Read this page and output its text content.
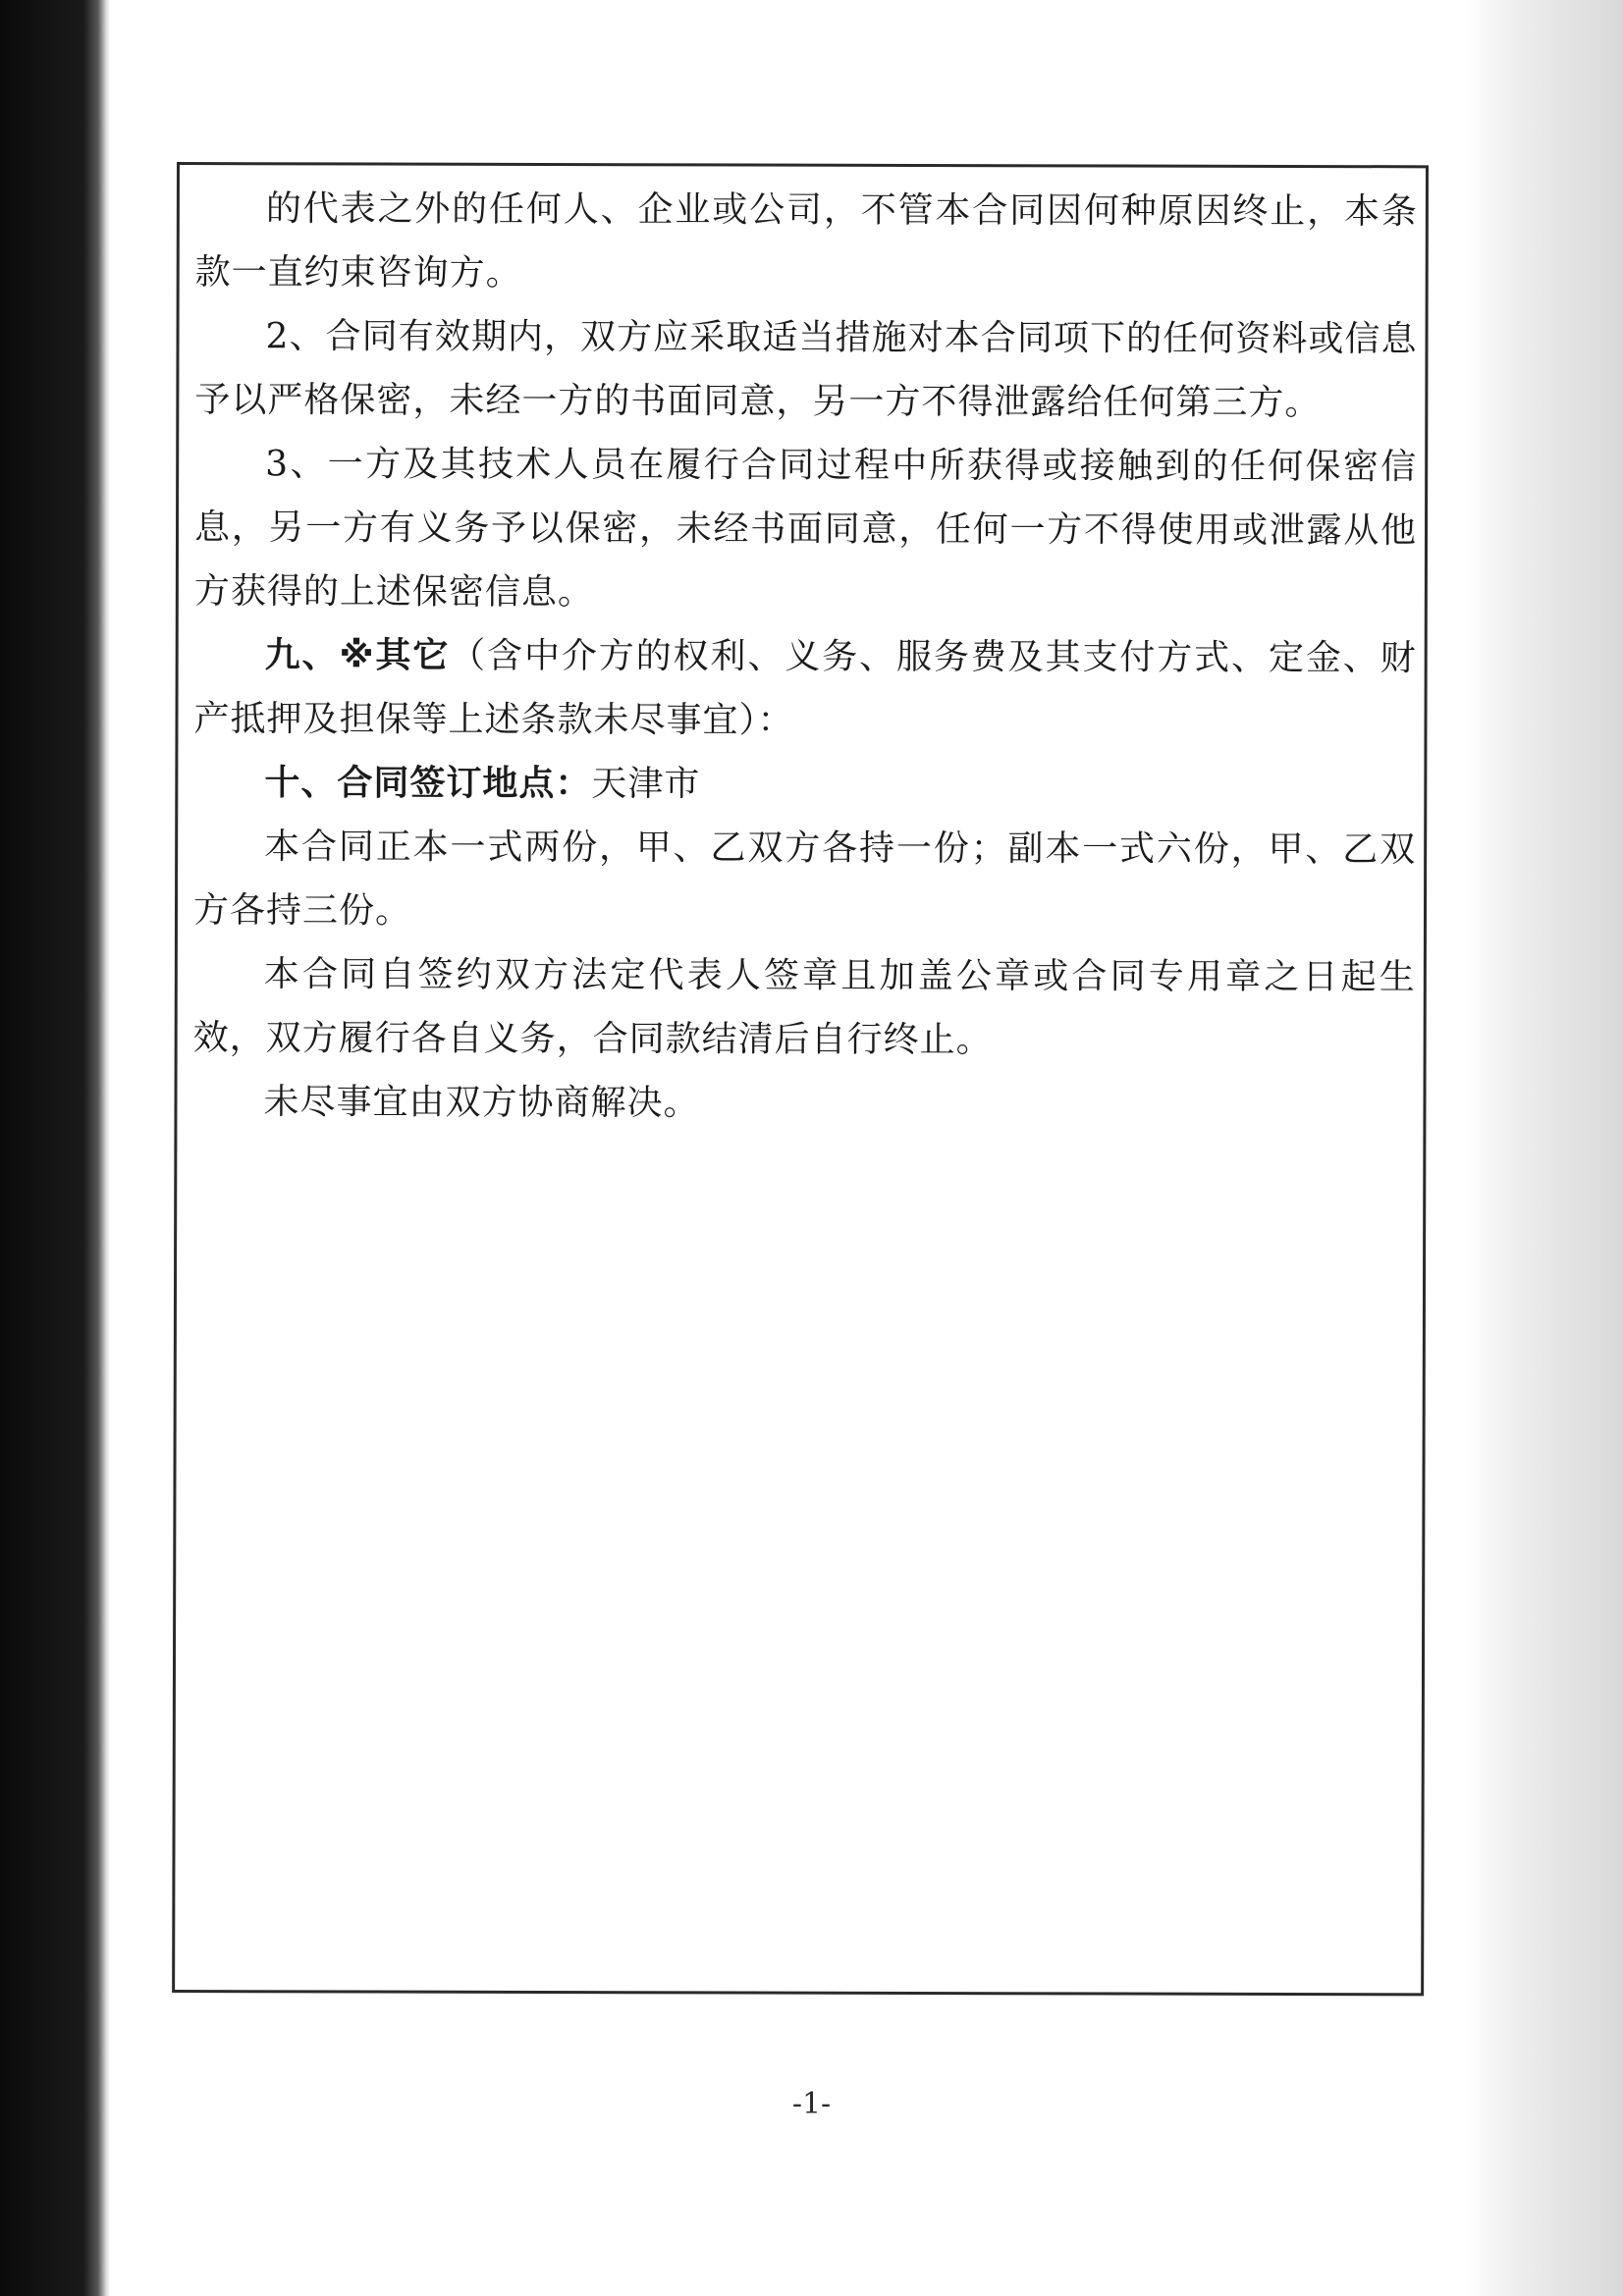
的代表之外的任何人、企业或公司，不管本合同因何种原因终止，本条款一直约束咨询方。

2、合同有效期内，双方应采取适当措施对本合同项下的任何资料或信息予以严格保密，未经一方的书面同意，另一方不得泄露给任何第三方。

3、一方及其技术人员在履行合同过程中所获得或接触到的任何保密信息，另一方有义务予以保密，未经书面同意，任何一方不得使用或泄露从他方获得的上述保密信息。

九、※其它（含中介方的权利、义务、服务费及其支付方式、定金、财产抵押及担保等上述条款未尽事宜）：

十、合同签订地点：天津市

本合同正本一式两份，甲、乙双方各持一份；副本一式六份，甲、乙双方各持三份。

本合同自签约双方法定代表人签章且加盖公章或合同专用章之日起生效，双方履行各自义务，合同款结清后自行终止。

未尽事宜由双方协商解决。

-1-
